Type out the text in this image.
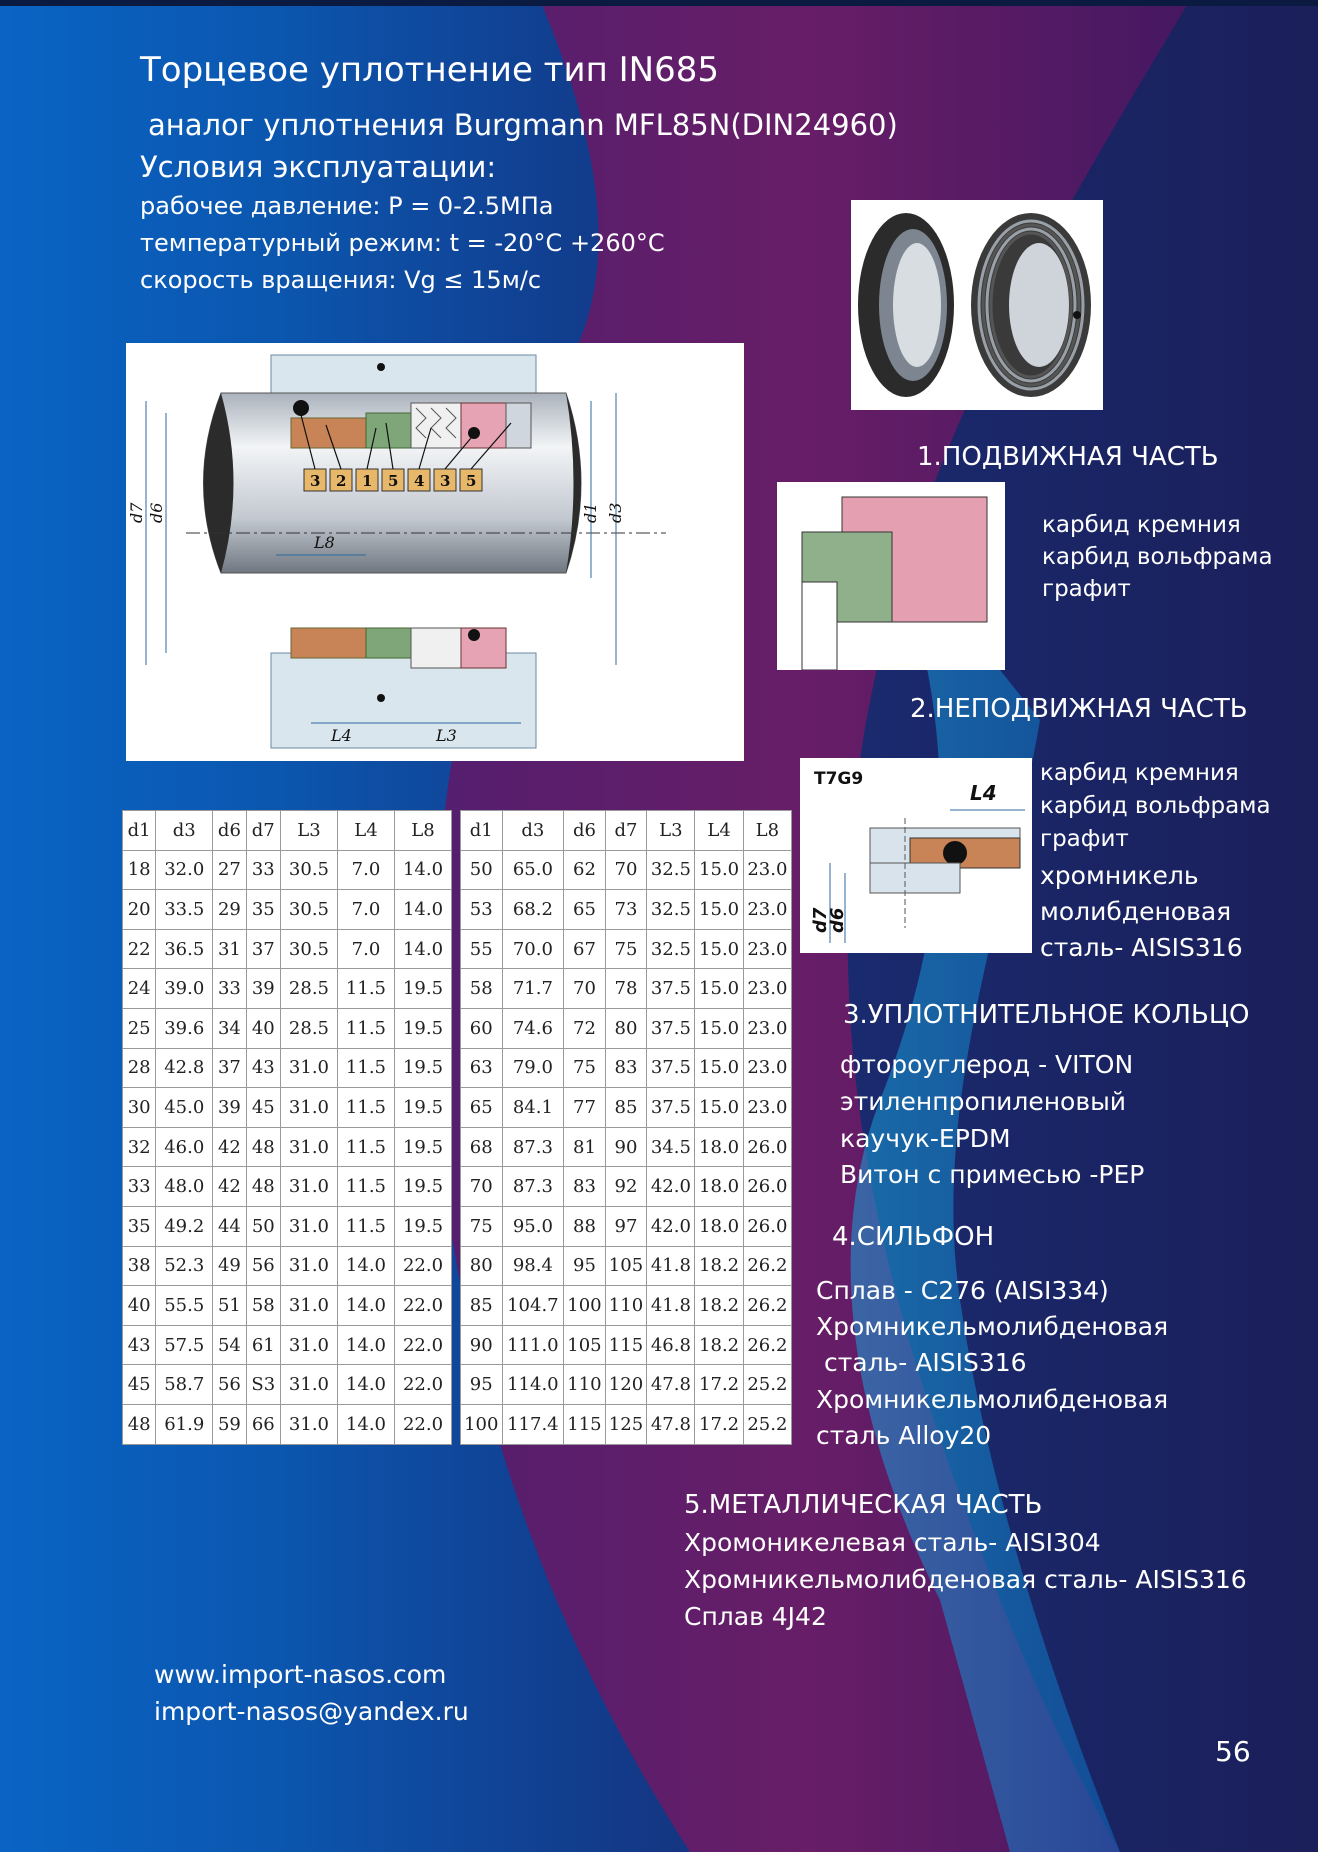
Торцевое уплотнение тип IN685
аналог уплотнения Burgmann MFL85N(DIN24960)
Условия эксплуатации:
рабочее давление: P = 0-2.5МПа
температурный режим: t = -20°C +260°C
скорость вращения: Vg ≤ 15м/с
d7 d6	d1 d3
L8
L4	L3
3 2 1 5 4 3 5
d1	d3	d6	d7	L3	L4	L8
18	32.0	27	33	30.5	7.0	14.0
20	33.5	29	35	30.5	7.0	14.0
22	36.5	31	37	30.5	7.0	14.0
24	39.0	33	39	28.5	11.5	19.5
25	39.6	34	40	28.5	11.5	19.5
28	42.8	37	43	31.0	11.5	19.5
30	45.0	39	45	31.0	11.5	19.5
32	46.0	42	48	31.0	11.5	19.5
33	48.0	42	48	31.0	11.5	19.5
35	49.2	44	50	31.0	11.5	19.5
38	52.3	49	56	31.0	14.0	22.0
40	55.5	51	58	31.0	14.0	22.0
43	57.5	54	61	31.0	14.0	22.0
45	58.7	56	S3	31.0	14.0	22.0
48	61.9	59	66	31.0	14.0	22.0
d1	d3	d6	d7	L3	L4	L8
50	65.0	62	70	32.5	15.0	23.0
53	68.2	65	73	32.5	15.0	23.0
55	70.0	67	75	32.5	15.0	23.0
58	71.7	70	78	37.5	15.0	23.0
60	74.6	72	80	37.5	15.0	23.0
63	79.0	75	83	37.5	15.0	23.0
65	84.1	77	85	37.5	15.0	23.0
68	87.3	81	90	34.5	18.0	26.0
70	87.3	83	92	42.0	18.0	26.0
75	95.0	88	97	42.0	18.0	26.0
80	98.4	95	105	41.8	18.2	26.2
85	104.7	100	110	41.8	18.2	26.2
90	111.0	105	115	46.8	18.2	26.2
95	114.0	110	120	47.8	17.2	25.2
100	117.4	115	125	47.8	17.2	25.2
1.ПОДВИЖНАЯ ЧАСТЬ
карбид кремния
карбид вольфрама
графит
2.НЕПОДВИЖНАЯ ЧАСТЬ
T7G9
L4
d7
d6
карбид кремния
карбид вольфрама
графит
хромникель
молибденовая
сталь- AISIS316
3.УПЛОТНИТЕЛЬНОЕ КОЛЬЦО
фтороуглерод - VITON
этиленпропиленовый
каучук-EPDM
Витон с примесью -PEP
4.СИЛЬФОН
Сплав - C276 (AISI334)
Хромникельмолибденовая
сталь- AISIS316
Хромникельмолибденовая
сталь Alloy20
5.МЕТАЛЛИЧЕСКАЯ ЧАСТЬ
Хромоникелевая сталь- AISI304
Хромникельмолибденовая сталь- AISIS316
Сплав 4J42
www.import-nasos.com
import-nasos@yandex.ru
56
